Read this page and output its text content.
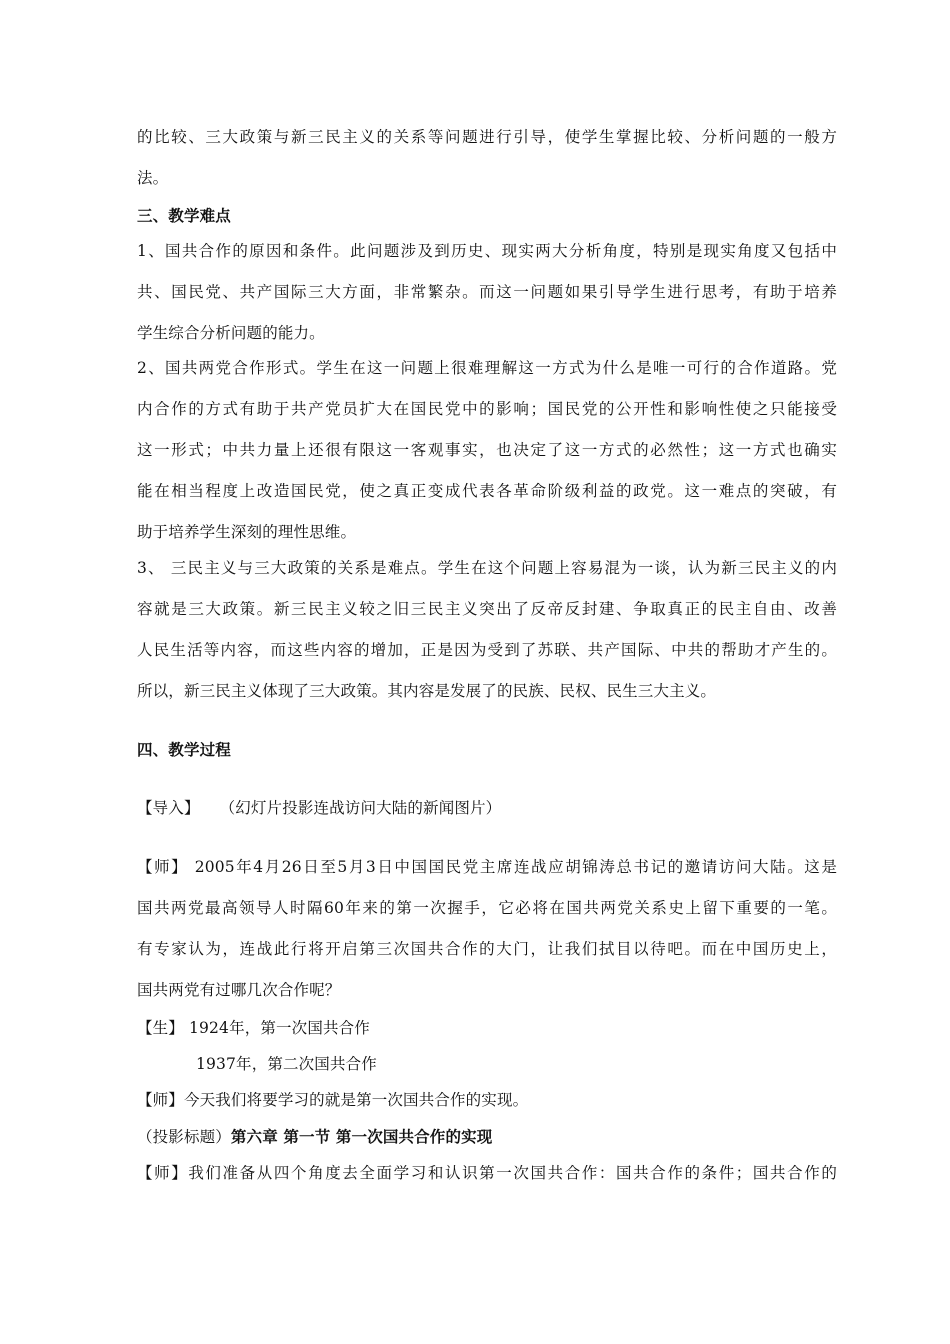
的比较、三大政策与新三民主义的关系等问题进行引导，使学生掌握比较、分析问题的一般方
法。
三、教学难点
1、国共合作的原因和条件。此问题涉及到历史、现实两大分析角度，特别是现实角度又包括中
共、国民党、共产国际三大方面，非常繁杂。而这一问题如果引导学生进行思考，有助于培养
学生综合分析问题的能力。
2、国共两党合作形式。学生在这一问题上很难理解这一方式为什么是唯一可行的合作道路。党
内合作的方式有助于共产党员扩大在国民党中的影响；国民党的公开性和影响性使之只能接受
这一形式；中共力量上还很有限这一客观事实，也决定了这一方式的必然性；这一方式也确实
能在相当程度上改造国民党，使之真正变成代表各革命阶级利益的政党。这一难点的突破，有
助于培养学生深刻的理性思维。
3、 三民主义与三大政策的关系是难点。学生在这个问题上容易混为一谈，认为新三民主义的内
容就是三大政策。新三民主义较之旧三民主义突出了反帝反封建、争取真正的民主自由、改善
人民生活等内容，而这些内容的增加，正是因为受到了苏联、共产国际、中共的帮助才产生的。
所以，新三民主义体现了三大政策。其内容是发展了的民族、民权、民生三大主义。
四、教学过程
【导入】 （幻灯片投影连战访问大陆的新闻图片）
【师】 2005年4月26日至5月3日中国国民党主席连战应胡锦涛总书记的邀请访问大陆。这是
国共两党最高领导人时隔60年来的第一次握手，它必将在国共两党关系史上留下重要的一笔。
有专家认为，连战此行将开启第三次国共合作的大门，让我们拭目以待吧。而在中国历史上，
国共两党有过哪几次合作呢？
【生】 1924年，第一次国共合作
1937年，第二次国共合作
【师】今天我们将要学习的就是第一次国共合作的实现。
（投影标题）第六章 第一节 第一次国共合作的实现
【师】我们准备从四个角度去全面学习和认识第一次国共合作：国共合作的条件；国共合作的
